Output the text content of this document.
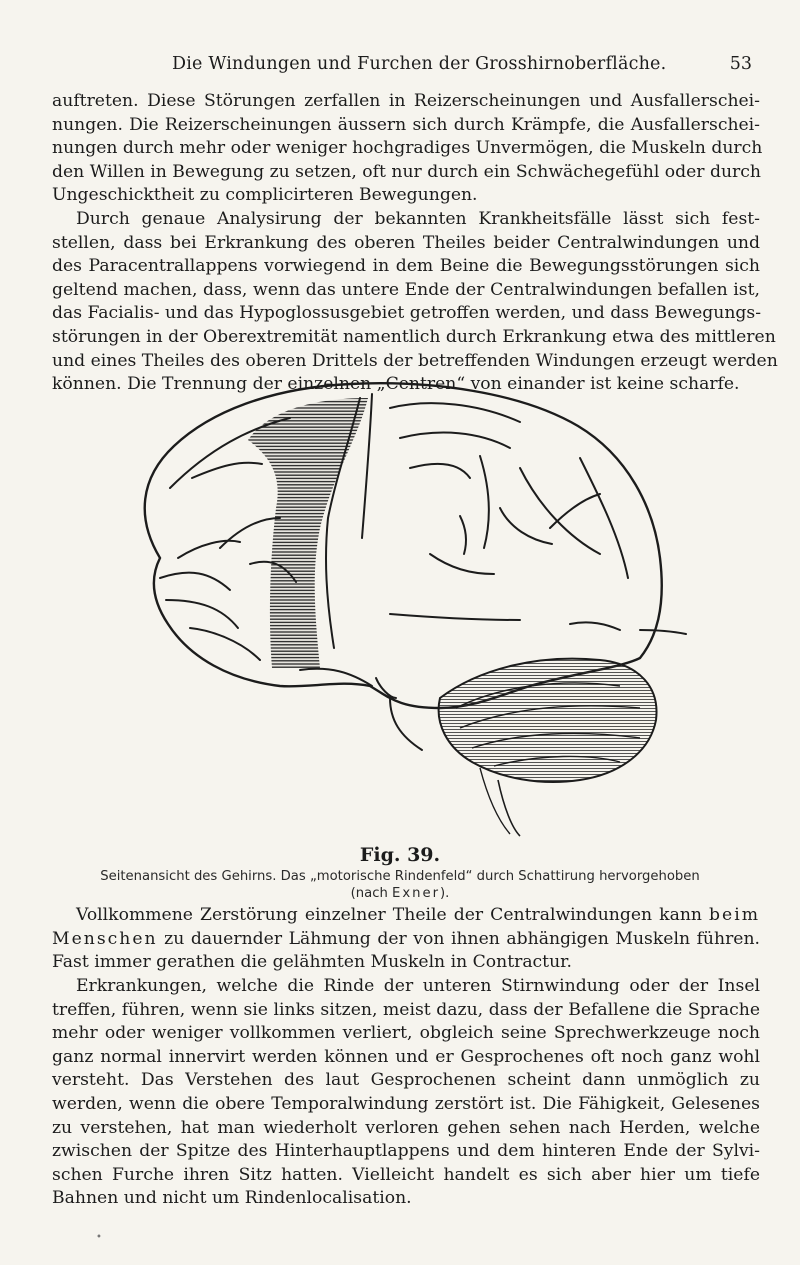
Die Windungen und Furchen der Grosshirnoberfläche.	53
auftreten. Diese Störungen zerfallen in Reizerscheinungen und Ausfallerschei-
nungen. Die Reizerscheinungen äussern sich durch Krämpfe, die Ausfallerschei-
nungen durch mehr oder weniger hochgradiges Unvermögen, die Muskeln durch
den Willen in Bewegung zu setzen, oft nur durch ein Schwächegefühl oder durch
Ungeschicktheit zu complicirteren Bewegungen.
Durch genaue Analysirung der bekannten Krankheitsfälle lässt sich fest-
stellen, dass bei Erkrankung des oberen Theiles beider Centralwindungen und
des Paracentrallappens vorwiegend in dem Beine die Bewegungsstörungen sich
geltend machen, dass, wenn das untere Ende der Centralwindungen befallen ist,
das Facialis- und das Hypoglossusgebiet getroffen werden, und dass Bewegungs-
störungen in der Oberextremität namentlich durch Erkrankung etwa des mittleren
und eines Theiles des oberen Drittels der betreffenden Windungen erzeugt werden
können. Die Trennung der einzelnen „Centren“ von einander ist keine scharfe.
Fig. 39.
Seitenansicht des Gehirns. Das „motorische Rindenfeld“ durch Schattirung hervorgehoben
(nach Exner).
Vollkommene Zerstörung einzelner Theile der Centralwindungen kann beim
Menschen zu dauernder Lähmung der von ihnen abhängigen Muskeln führen.
Fast immer gerathen die gelähmten Muskeln in Contractur.
Erkrankungen, welche die Rinde der unteren Stirnwindung oder der Insel
treffen, führen, wenn sie links sitzen, meist dazu, dass der Befallene die Sprache
mehr oder weniger vollkommen verliert, obgleich seine Sprechwerkzeuge noch
ganz normal innervirt werden können und er Gesprochenes oft noch ganz wohl
versteht. Das Verstehen des laut Gesprochenen scheint dann unmöglich zu
werden, wenn die obere Temporalwindung zerstört ist. Die Fähigkeit, Gelesenes
zu verstehen, hat man wiederholt verloren gehen sehen nach Herden, welche
zwischen der Spitze des Hinterhauptlappens und dem hinteren Ende der Sylvi-
schen Furche ihren Sitz hatten. Vielleicht handelt es sich aber hier um tiefe
Bahnen und nicht um Rindenlocalisation.
•
